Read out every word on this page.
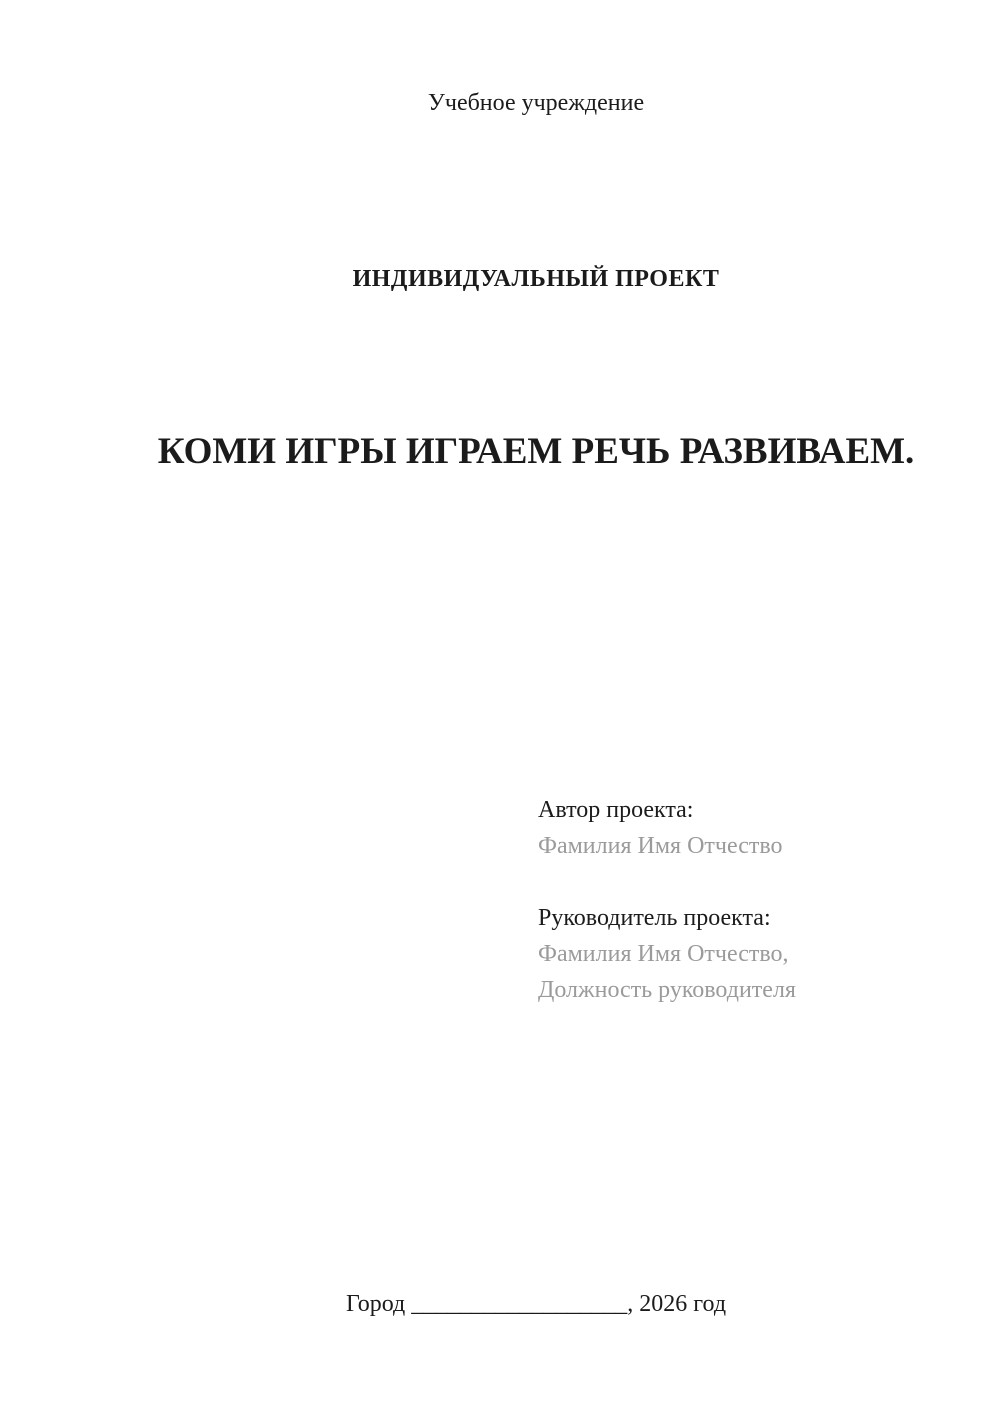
Учебное учреждение
ИНДИВИДУАЛЬНЫЙ ПРОЕКТ
КОМИ ИГРЫ ИГРАЕМ РЕЧЬ РАЗВИВАЕМ.
Автор проекта:
Фамилия Имя Отчество
Руководитель проекта:
Фамилия Имя Отчество,
Должность руководителя
Город __________________, 2026 год
